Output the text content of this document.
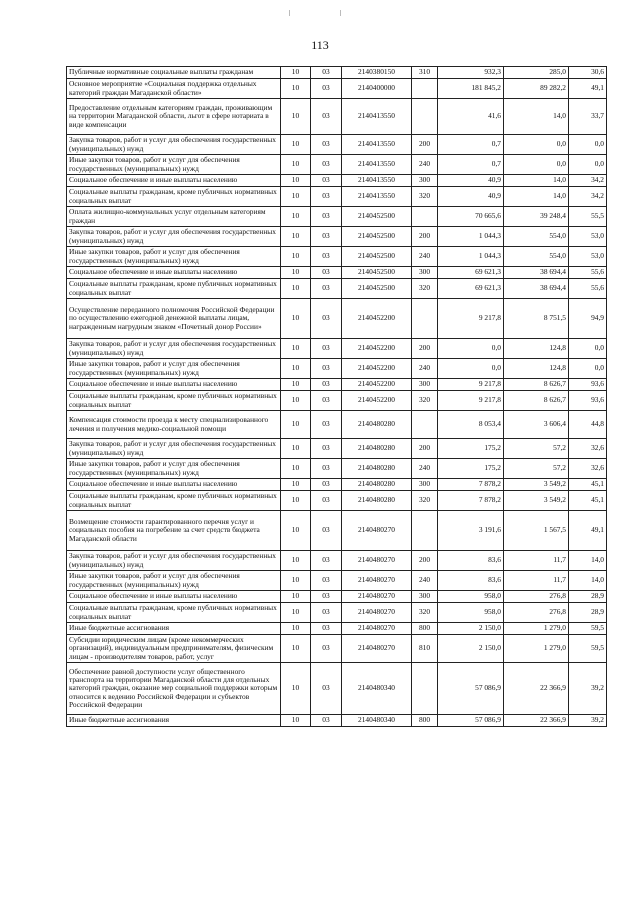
113
Публичные нормативные социальные выплаты гражданам	10	03	2140380150	310	932,3	285,0	30,6
Основное мероприятие «Социальная поддержка отдельных категорий граждан Магаданской области»	10	03	2140400000		181 845,2	89 282,2	49,1
Предоставление отдельным категориям граждан, проживающим на территории Магаданской области, льгот в сфере нотариата в виде компенсации	10	03	2140413550		41,6	14,0	33,7
Закупка товаров, работ и услуг для обеспечения государственных (муниципальных) нужд	10	03	2140413550	200	0,7	0,0	0,0
Иные закупки товаров, работ и услуг для обеспечения государственных (муниципальных) нужд	10	03	2140413550	240	0,7	0,0	0,0
Социальное обеспечение и иные выплаты населению	10	03	2140413550	300	40,9	14,0	34,2
Социальные выплаты гражданам, кроме публичных нормативных социальных выплат	10	03	2140413550	320	40,9	14,0	34,2
Оплата жилищно-коммунальных услуг отдельным категориям граждан	10	03	2140452500		70 665,6	39 248,4	55,5
Закупка товаров, работ и услуг для обеспечения государственных (муниципальных) нужд	10	03	2140452500	200	1 044,3	554,0	53,0
Иные закупки товаров, работ и услуг для обеспечения государственных (муниципальных) нужд	10	03	2140452500	240	1 044,3	554,0	53,0
Социальное обеспечение и иные выплаты населению	10	03	2140452500	300	69 621,3	38 694,4	55,6
Социальные выплаты гражданам, кроме публичных нормативных социальных выплат	10	03	2140452500	320	69 621,3	38 694,4	55,6
Осуществление переданного полномочия Российской Федерации по осуществлению ежегодной денежной выплаты лицам, награжденным нагрудным знаком «Почетный донор России»	10	03	2140452200		9 217,8	8 751,5	94,9
Закупка товаров, работ и услуг для обеспечения государственных (муниципальных) нужд	10	03	2140452200	200	0,0	124,8	0,0
Иные закупки товаров, работ и услуг для обеспечения государственных (муниципальных) нужд	10	03	2140452200	240	0,0	124,8	0,0
Социальное обеспечение и иные выплаты населению	10	03	2140452200	300	9 217,8	8 626,7	93,6
Социальные выплаты гражданам, кроме публичных нормативных социальных выплат	10	03	2140452200	320	9 217,8	8 626,7	93,6
Компенсация стоимости проезда к месту специализированного лечения и получения медико-социальной помощи	10	03	2140480280		8 053,4	3 606,4	44,8
Закупка товаров, работ и услуг для обеспечения государственных (муниципальных) нужд	10	03	2140480280	200	175,2	57,2	32,6
Иные закупки товаров, работ и услуг для обеспечения государственных (муниципальных) нужд	10	03	2140480280	240	175,2	57,2	32,6
Социальное обеспечение и иные выплаты населению	10	03	2140480280	300	7 878,2	3 549,2	45,1
Социальные выплаты гражданам, кроме публичных нормативных социальных выплат	10	03	2140480280	320	7 878,2	3 549,2	45,1
Возмещение стоимости гарантированного перечня услуг и социальных пособия на погребение за счет средств бюджета Магаданской области	10	03	2140480270		3 191,6	1 567,5	49,1
Закупка товаров, работ и услуг для обеспечения государственных (муниципальных) нужд	10	03	2140480270	200	83,6	11,7	14,0
Иные закупки товаров, работ и услуг для обеспечения государственных (муниципальных) нужд	10	03	2140480270	240	83,6	11,7	14,0
Социальное обеспечение и иные выплаты населению	10	03	2140480270	300	958,0	276,8	28,9
Социальные выплаты гражданам, кроме публичных нормативных социальных выплат	10	03	2140480270	320	958,0	276,8	28,9
Иные бюджетные ассигнования	10	03	2140480270	800	2 150,0	1 279,0	59,5
Субсидии юридическим лицам (кроме некоммерческих организаций), индивидуальным предпринимателям, физическим лицам - производителям товаров, работ, услуг	10	03	2140480270	810	2 150,0	1 279,0	59,5
Обеспечение равной доступности услуг общественного транспорта на территории Магаданской области для отдельных категорий граждан, оказание мер социальной поддержки которым относится к ведению Российской Федерации и субъектов Российской Федерации	10	03	2140480340		57 086,9	22 366,9	39,2
Иные бюджетные ассигнования	10	03	2140480340	800	57 086,9	22 366,9	39,2
